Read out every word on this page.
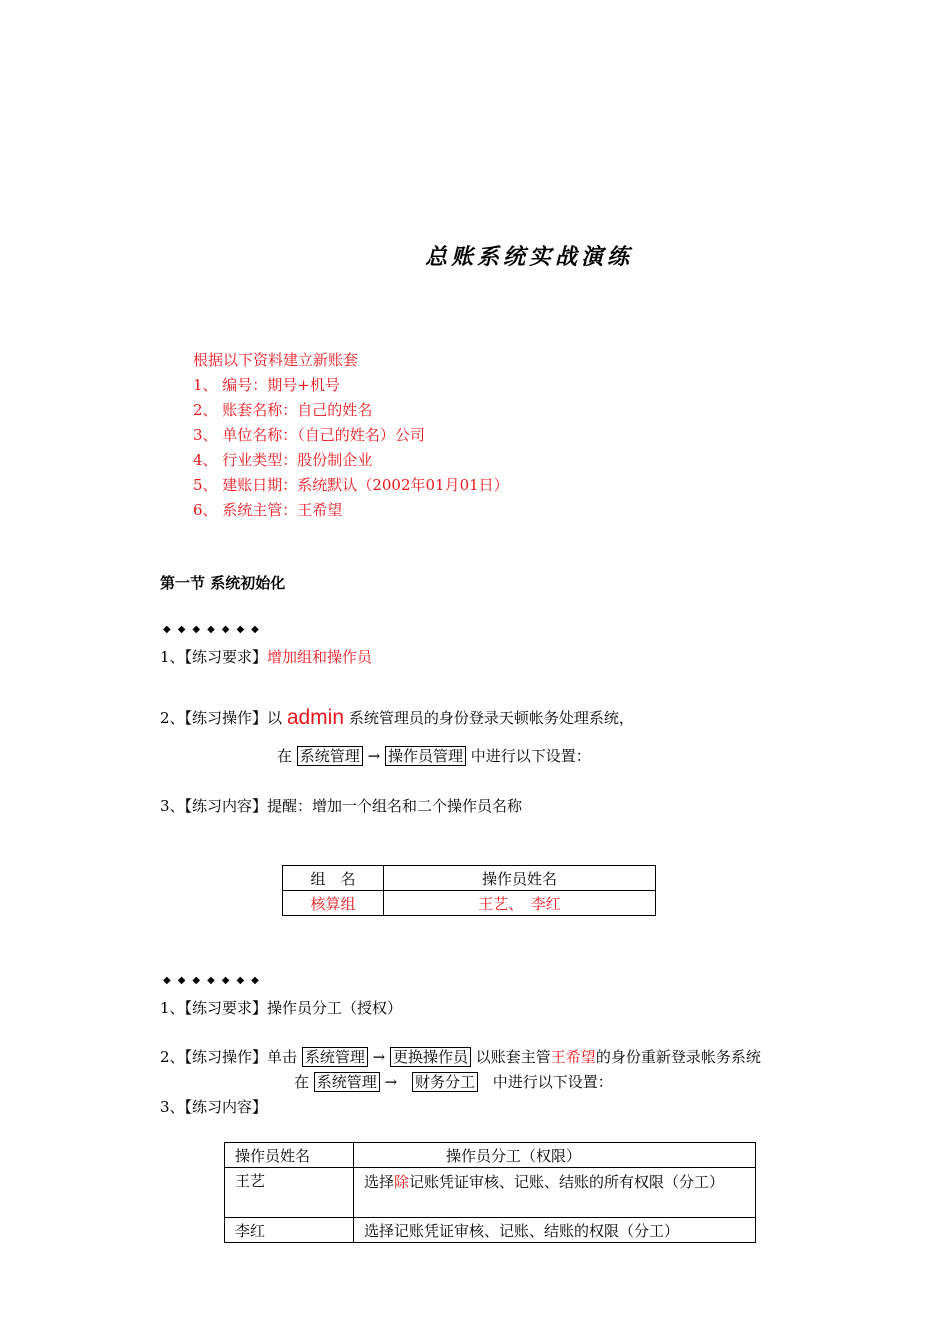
总账系统实战演练
根据以下资料建立新账套
1、 编号：期号+机号
2、 账套名称：自己的姓名
3、 单位名称：（自己的姓名）公司
4、 行业类型：股份制企业
5、 建账日期：系统默认（2002年01月01日）
6、 系统主管：王希望
第一节 系统初始化
◆◆◆◆◆◆◆
1、【练习要求】增加组和操作员
2、【练习操作】以 admin 系统管理员的身份登录天顿帐务处理系统，
在 系统管理 → 操作员管理 中进行以下设置：
3、【练习内容】提醒：增加一个组名和二个操作员名称
组　名	操作员姓名
核算组	王艺、　李红
◆◆◆◆◆◆◆
1、【练习要求】操作员分工（授权）
2、【练习操作】单击 系统管理 → 更换操作员 以账套主管王希望的身份重新登录帐务系统
在 系统管理 → 财务分工 中进行以下设置：
3、【练习内容】
操作员姓名	操作员分工（权限）
王艺	选择除记账凭证审核、记账、结账的所有权限（分工）
李红	选择记账凭证审核、记账、结账的权限（分工）
